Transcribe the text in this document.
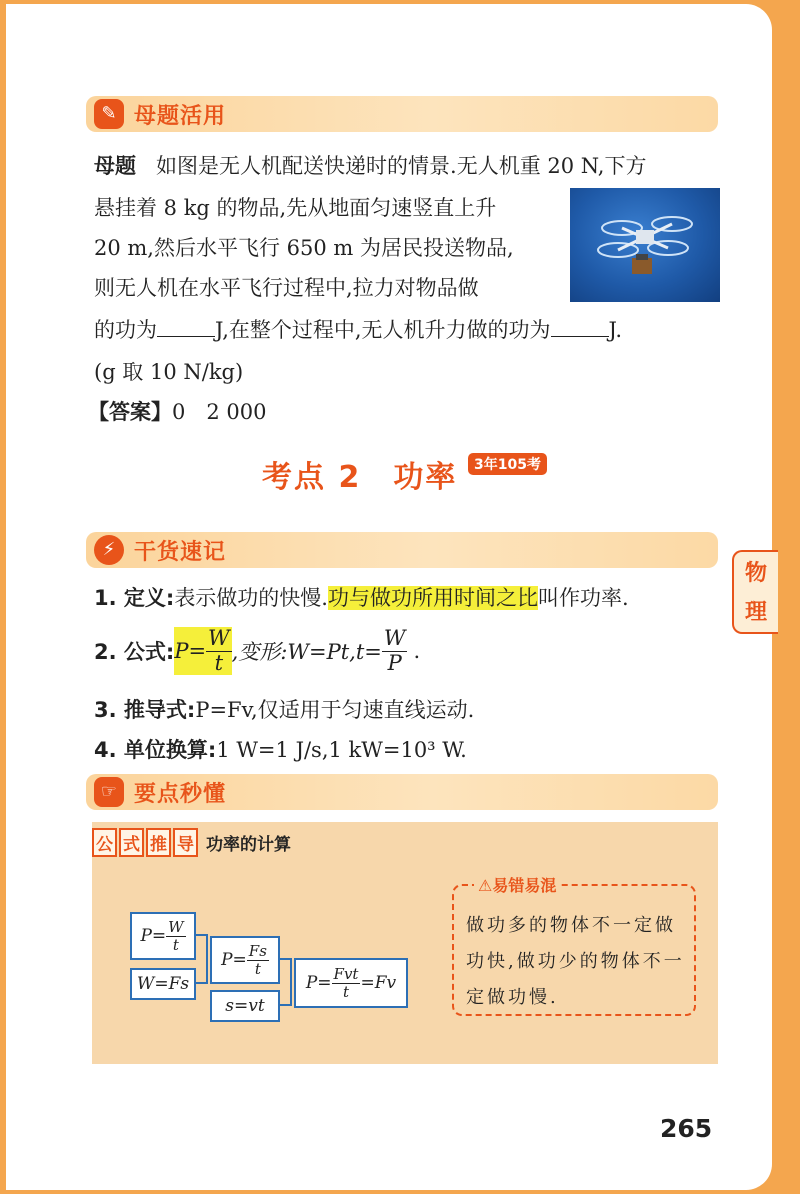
✎ 母题活用
母题 如图是无人机配送快递时的情景.无人机重 20 N,下方
悬挂着 8 kg 的物品,先从地面匀速竖直上升
20 m,然后水平飞行 650 m 为居民投送物品,
则无人机在水平飞行过程中,拉力对物品做
的功为	J,在整个过程中,无人机升力做的功为	J.
(g 取 10 N/kg)
【答案】0　2 000
考点 2　功率	3年105考
物
理
⚡ 干货速记
1. 定义:表示做功的快慢.功与做功所用时间之比叫作功率.
2. 公式: $P= \frac{W}{t}$ ,变形:W=Pt,t= $\frac{W}{P}$ .
3. 推导式:P=Fv,仅适用于匀速直线运动.
4. 单位换算:1 W=1 J/s,1 kW=10³ W.
☞ 要点秒懂
公 式 推 导 功率的计算
$P= \frac{W}{t}$
W=Fs
$P= \frac{Fs}{t}$
s=vt
$P= \frac{\text{Fvt}}{t} =Fv$
⚠易错易混
做功多的物体不一定做功快,做功少的物体不一定做功慢.
265
